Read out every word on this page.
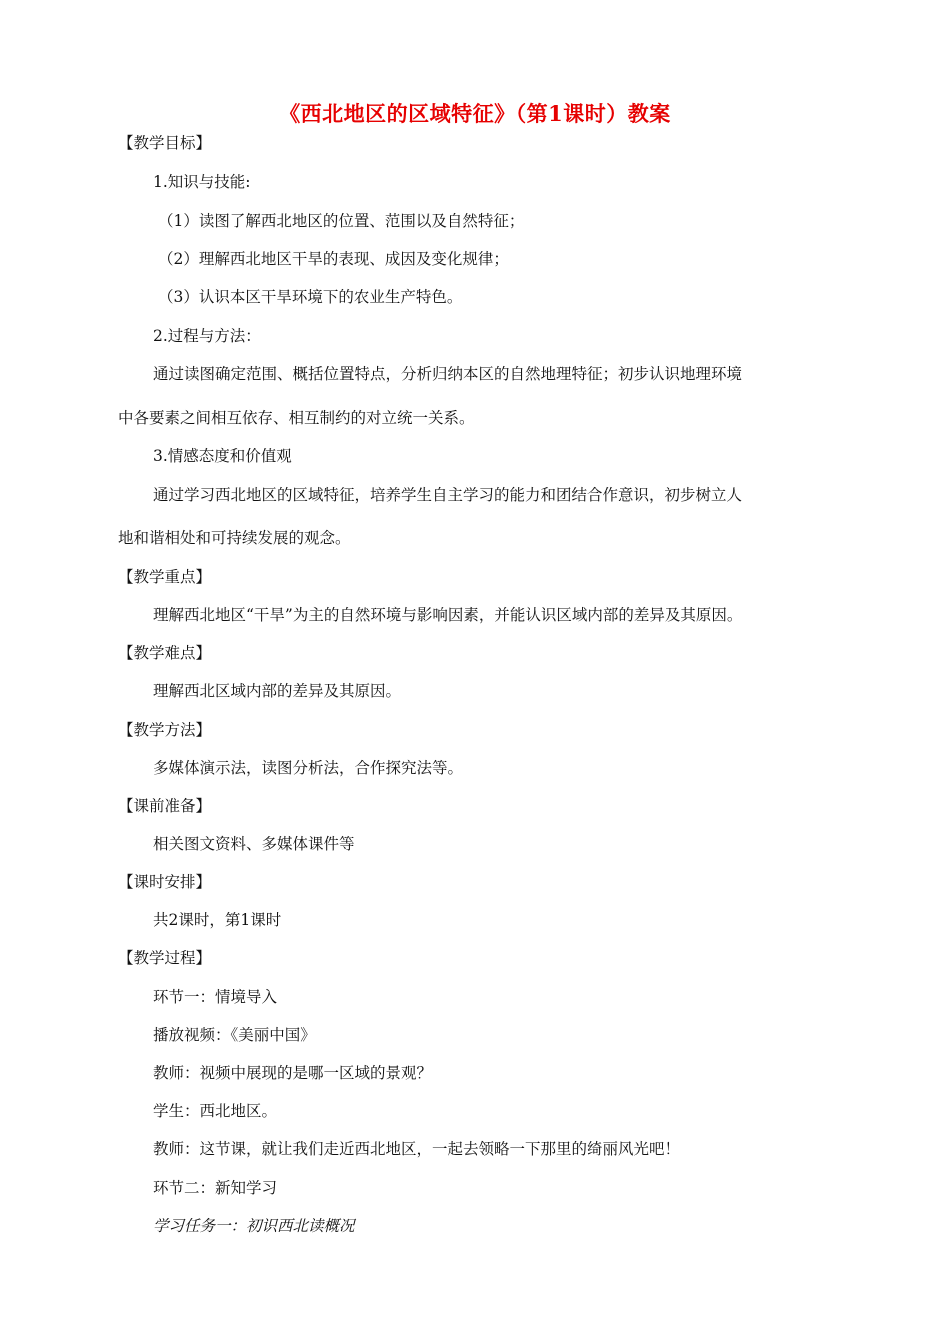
《西北地区的区域特征》（第1课时）教案
【教学目标】
1.知识与技能:
（1）读图了解西北地区的位置、范围以及自然特征；
（2）理解西北地区干旱的表现、成因及变化规律；
（3）认识本区干旱环境下的农业生产特色。
2.过程与方法：
通过读图确定范围、概括位置特点，分析归纳本区的自然地理特征；初步认识地理环境
中各要素之间相互依存、相互制约的对立统一关系。
3.情感态度和价值观
通过学习西北地区的区域特征，培养学生自主学习的能力和团结合作意识，初步树立人
地和谐相处和可持续发展的观念。
【教学重点】
理解西北地区“干旱”为主的自然环境与影响因素，并能认识区域内部的差异及其原因。
【教学难点】
理解西北区域内部的差异及其原因。
【教学方法】
多媒体演示法，读图分析法，合作探究法等。
【课前准备】
相关图文资料、多媒体课件等
【课时安排】
共2课时，第1课时
【教学过程】
环节一：情境导入
播放视频：《美丽中国》
教师：视频中展现的是哪一区域的景观？
学生：西北地区。
教师：这节课，就让我们走近西北地区，一起去领略一下那里的绮丽风光吧！
环节二：新知学习
学习任务一：初识西北读概况
